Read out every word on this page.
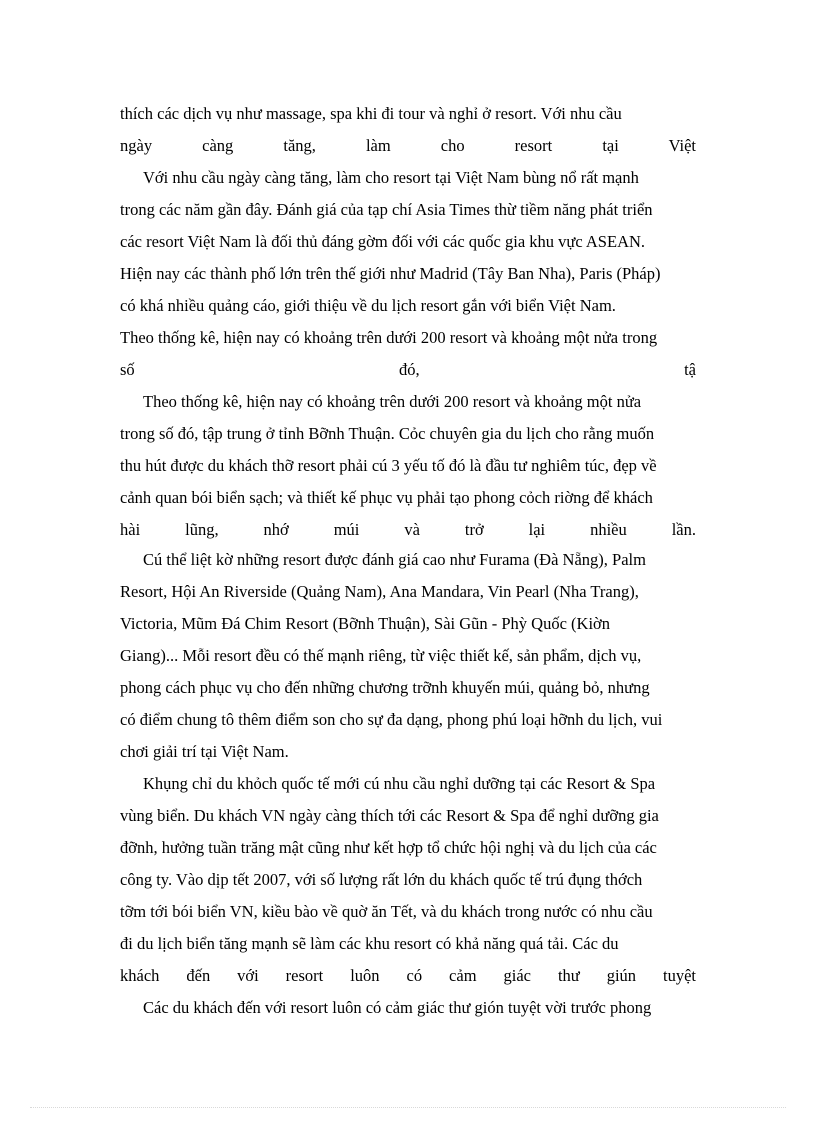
thích các dịch vụ như massage, spa khi đi tour và nghỉ ở resort. Với nhu cầu
ngày càng tăng, làm cho resort tại Việt
Với nhu cầu ngày càng tăng, làm cho resort tại Việt Nam bùng nổ rất mạnh
trong các năm gần đây. Đánh giá của tạp chí Asia Times thừ tiềm năng phát triển
các resort Việt Nam là đối thủ đáng gờm đối với các quốc gia khu vực ASEAN.
Hiện nay các thành phố lớn trên thế giới như Madrid (Tây Ban Nha), Paris (Pháp)
có khá nhiều quảng cáo, giới thiệu về du lịch resort gắn với biển Việt Nam.
Theo thống kê, hiện nay có khoảng trên dưới 200 resort và khoảng một nửa trong
số đó, tậ
Theo thống kê, hiện nay có khoảng trên dưới 200 resort và khoảng một nửa
trong số đó, tập trung ở tỉnh Bỡnh Thuận. Cỏc chuyên gia du lịch cho rằng muốn
thu hút được du khách thỡ resort phải cú 3 yếu tố đó là đầu tư nghiêm túc, đẹp về
cảnh quan bói biển sạch; và thiết kế phục vụ phải tạo phong cỏch riờng để khách
hài lũng, nhớ múi và trở lại nhiều lần.
Cú thể liệt kờ những resort được đánh giá cao như Furama (Đà Nẵng), Palm
Resort, Hội An Riverside (Quảng Nam), Ana Mandara, Vin Pearl (Nha Trang),
Victoria, Mũm Đá Chim Resort (Bỡnh Thuận), Sài Gũn - Phỳ Quốc (Kiờn
Giang)... Mỗi resort đều có thế mạnh riêng, từ việc thiết kế, sản phẩm, dịch vụ,
phong cách phục vụ cho đến những chương trỡnh khuyến múi, quảng bỏ, nhưng
có điểm chung tô thêm điểm son cho sự đa dạng, phong phú loại hỡnh du lịch, vui
chơi giải trí tại Việt Nam.
Khụng chỉ du khỏch quốc tế mới cú nhu cầu nghỉ dưỡng tại các Resort & Spa
vùng biển. Du khách VN ngày càng thích tới các Resort & Spa để nghỉ dưỡng gia
đỡnh, hưởng tuần trăng mật cũng như kết hợp tổ chức hội nghị và du lịch của các
công ty. Vào dịp tết 2007, với số lượng rất lớn du khách quốc tế trú đụng thớch
tỡm tới bói biển VN, kiều bào về quờ ăn Tết, và du khách trong nước có nhu cầu
đi du lịch biển tăng mạnh sẽ làm các khu resort có khả năng quá tải. Các du
khách đến với resort luôn có cảm giác thư giún tuyệt
Các du khách đến với resort luôn có cảm giác thư gión tuyệt vời trước phong
